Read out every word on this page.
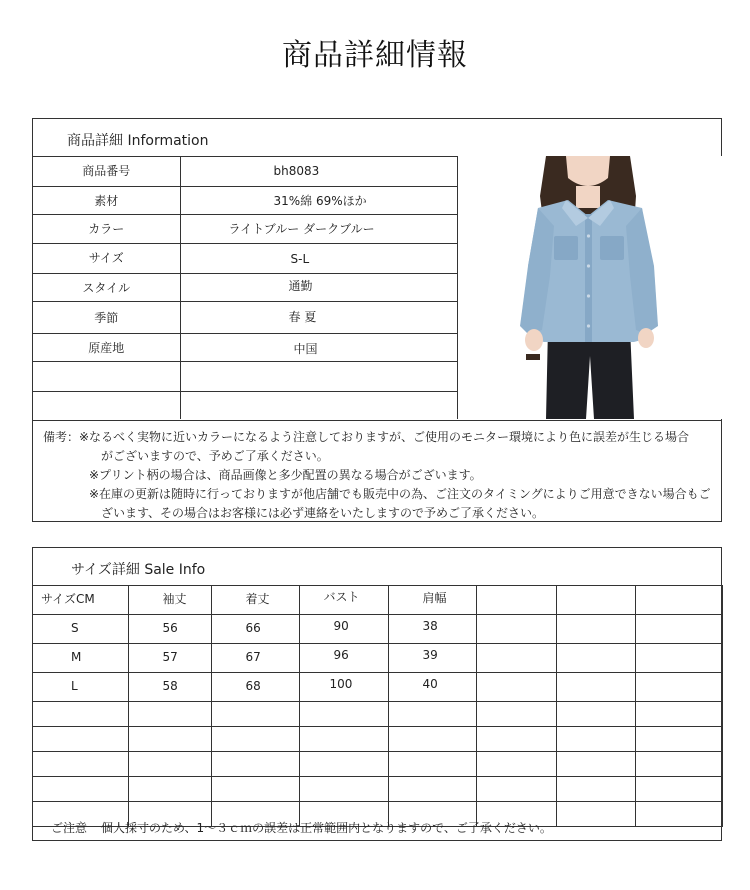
商品詳細情報
商品詳細 Information
商品番号	bh8083
素材	31%綿 69%ほか
カラー	ライトブルー ダークブルー
サイズ	S-L
スタイル	通勤
季節	春 夏
原産地	中国

備考：※なるべく実物に近いカラーになるよう注意しておりますが、ご使用のモニター環境により色に誤差が生じる場合
がございますので、予めご了承ください。
※プリント柄の場合は、商品画像と多少配置の異なる場合がございます。
※在庫の更新は随時に行っておりますが他店舗でも販売中の為、ご注文のタイミングによりご用意できない場合もご
ざいます、その場合はお客様には必ず連絡をいたしますので予めご了承ください。
サイズ詳細 Sale Info
サイズCM	袖丈	着丈	バスト	肩幅				
S	56	66	90	38				
M	57	67	96	39				
L	58	68	100	40				

ご注意 個人採寸のため、1～３ｃｍの誤差は正常範囲内となりますので、ご了承ください。
